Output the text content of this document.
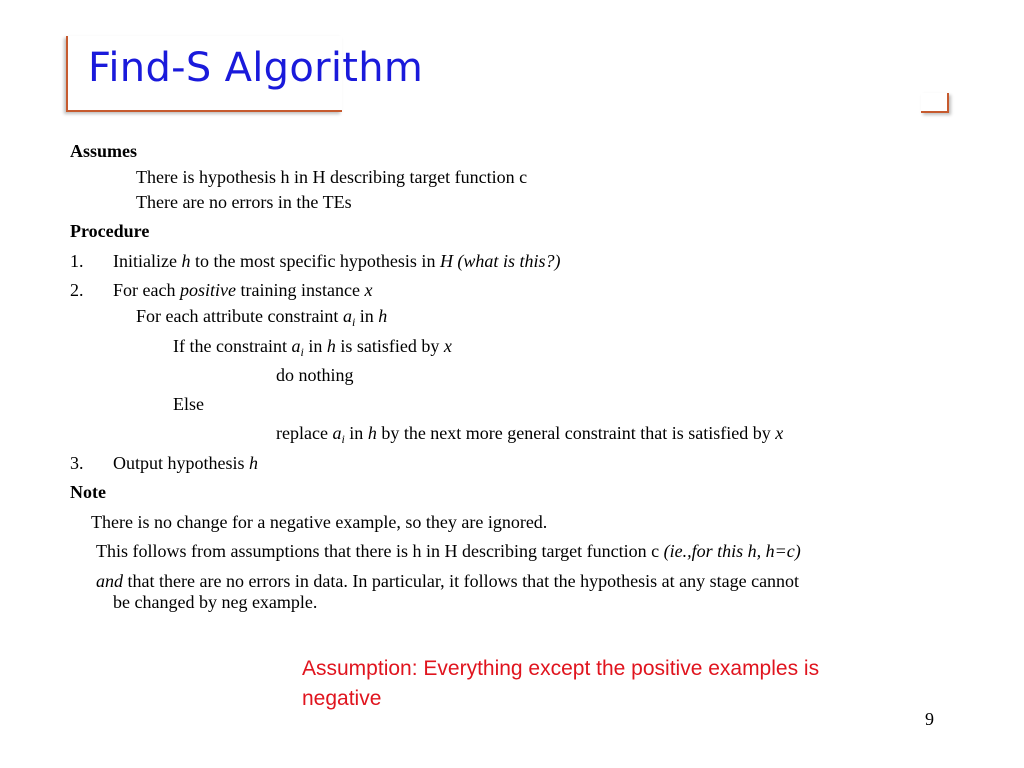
Find-S Algorithm
Assumes
There is hypothesis h in H describing target function c
There are no errors in the TEs
Procedure
1. Initialize h to the most specific hypothesis in H (what is this?)
2. For each positive training instance x
For each attribute constraint $a_i$ in h
If the constraint $a_i$ in h is satisfied by x
do nothing
Else
replace $a_i$ in h by the next more general constraint that is satisfied by x
3. Output hypothesis h
Note
There is no change for a negative example, so they are ignored.
This follows from assumptions that there is h in H describing target function c (ie.,for this h, h=c)
and that there are no errors in data. In particular, it follows that the hypothesis at any stage cannot
be changed by neg example.

Assumption: Everything except the positive examples is negative

9
